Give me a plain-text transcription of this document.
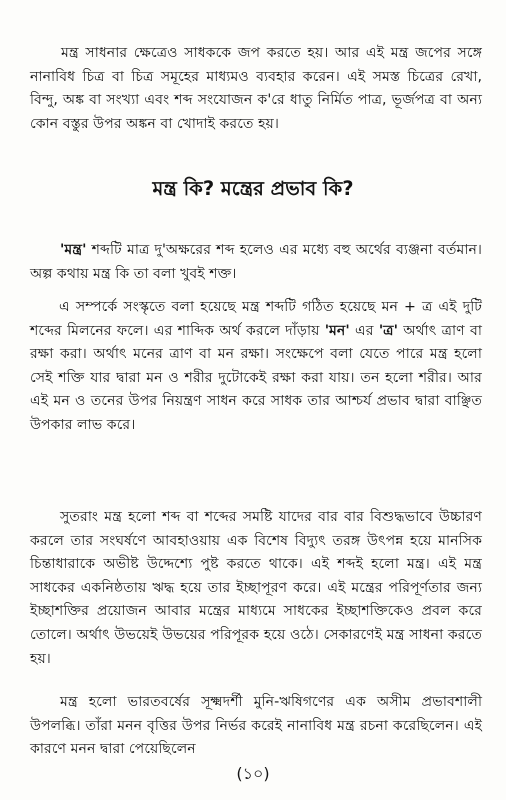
মন্ত্র সাধনার ক্ষেত্রেও সাধককে জপ করতে হয়। আর এই মন্ত্র জপের সঙ্গে নানাবিধ চিত্র বা চিত্র সমূহের মাধ্যমও ব্যবহার করেন। এই সমস্ত চিত্রের রেখা, বিন্দু, অঙ্ক বা সংখ্যা এবং শব্দ সংযোজন ক'রে ধাতু নির্মিত পাত্র, ভূর্জপত্র বা অন্য কোন বস্তুর উপর অঙ্কন বা খোদাই করতে হয়।

মন্ত্র কি? মন্ত্রের প্রভাব কি?

'মন্ত্র' শব্দটি মাত্র দু'অক্ষরের শব্দ হলেও এর মধ্যে বহু অর্থের ব্যঞ্জনা বর্তমান। অল্প কথায় মন্ত্র কি তা বলা খুবই শক্ত।

এ সম্পর্কে সংস্কৃতে বলা হয়েছে মন্ত্র শব্দটি গঠিত হয়েছে মন + ত্র এই দুটি শব্দের মিলনের ফলে। এর শাব্দিক অর্থ করলে দাঁড়ায় 'মন' এর 'ত্র' অর্থাৎ ত্রাণ বা রক্ষা করা। অর্থাৎ মনের ত্রাণ বা মন রক্ষা। সংক্ষেপে বলা যেতে পারে মন্ত্র হলো সেই শক্তি যার দ্বারা মন ও শরীর দুটোকেই রক্ষা করা যায়। তন হলো শরীর। আর এই মন ও তনের উপর নিয়ন্ত্রণ সাধন করে সাধক তার আশ্চর্য প্রভাব দ্বারা বাঞ্ছিত উপকার লাভ করে।

সুতরাং মন্ত্র হলো শব্দ বা শব্দের সমষ্টি যাদের বার বার বিশুদ্ধভাবে উচ্চারণ করলে তার সংঘর্ষণে আবহাওয়ায় এক বিশেষ বিদ্যুৎ তরঙ্গ উৎপন্ন হয়ে মানসিক চিন্তাধারাকে অভীষ্ট উদ্দেশ্যে পুষ্ট করতে থাকে। এই শব্দই হলো মন্ত্র। এই মন্ত্র সাধকের একনিষ্ঠতায় ঋদ্ধ হয়ে তার ইচ্ছাপূরণ করে। এই মন্ত্রের পরিপূর্ণতার জন্য ইচ্ছাশক্তির প্রয়োজন আবার মন্ত্রের মাধ্যমে সাধকের ইচ্ছাশক্তিকেও প্রবল করে তোলে। অর্থাৎ উভয়েই উভয়ের পরিপূরক হয়ে ওঠে। সেকারণেই মন্ত্র সাধনা করতে হয়।

মন্ত্র হলো ভারতবর্ষের সূক্ষ্মদর্শী মুনি-ঋষিগণের এক অসীম প্রভাবশালী উপলব্ধি। তাঁরা মনন বৃত্তির উপর নির্ভর করেই নানাবিধ মন্ত্র রচনা করেছিলেন। এই কারণে মনন দ্বারা পেয়েছিলেন

(১০)
